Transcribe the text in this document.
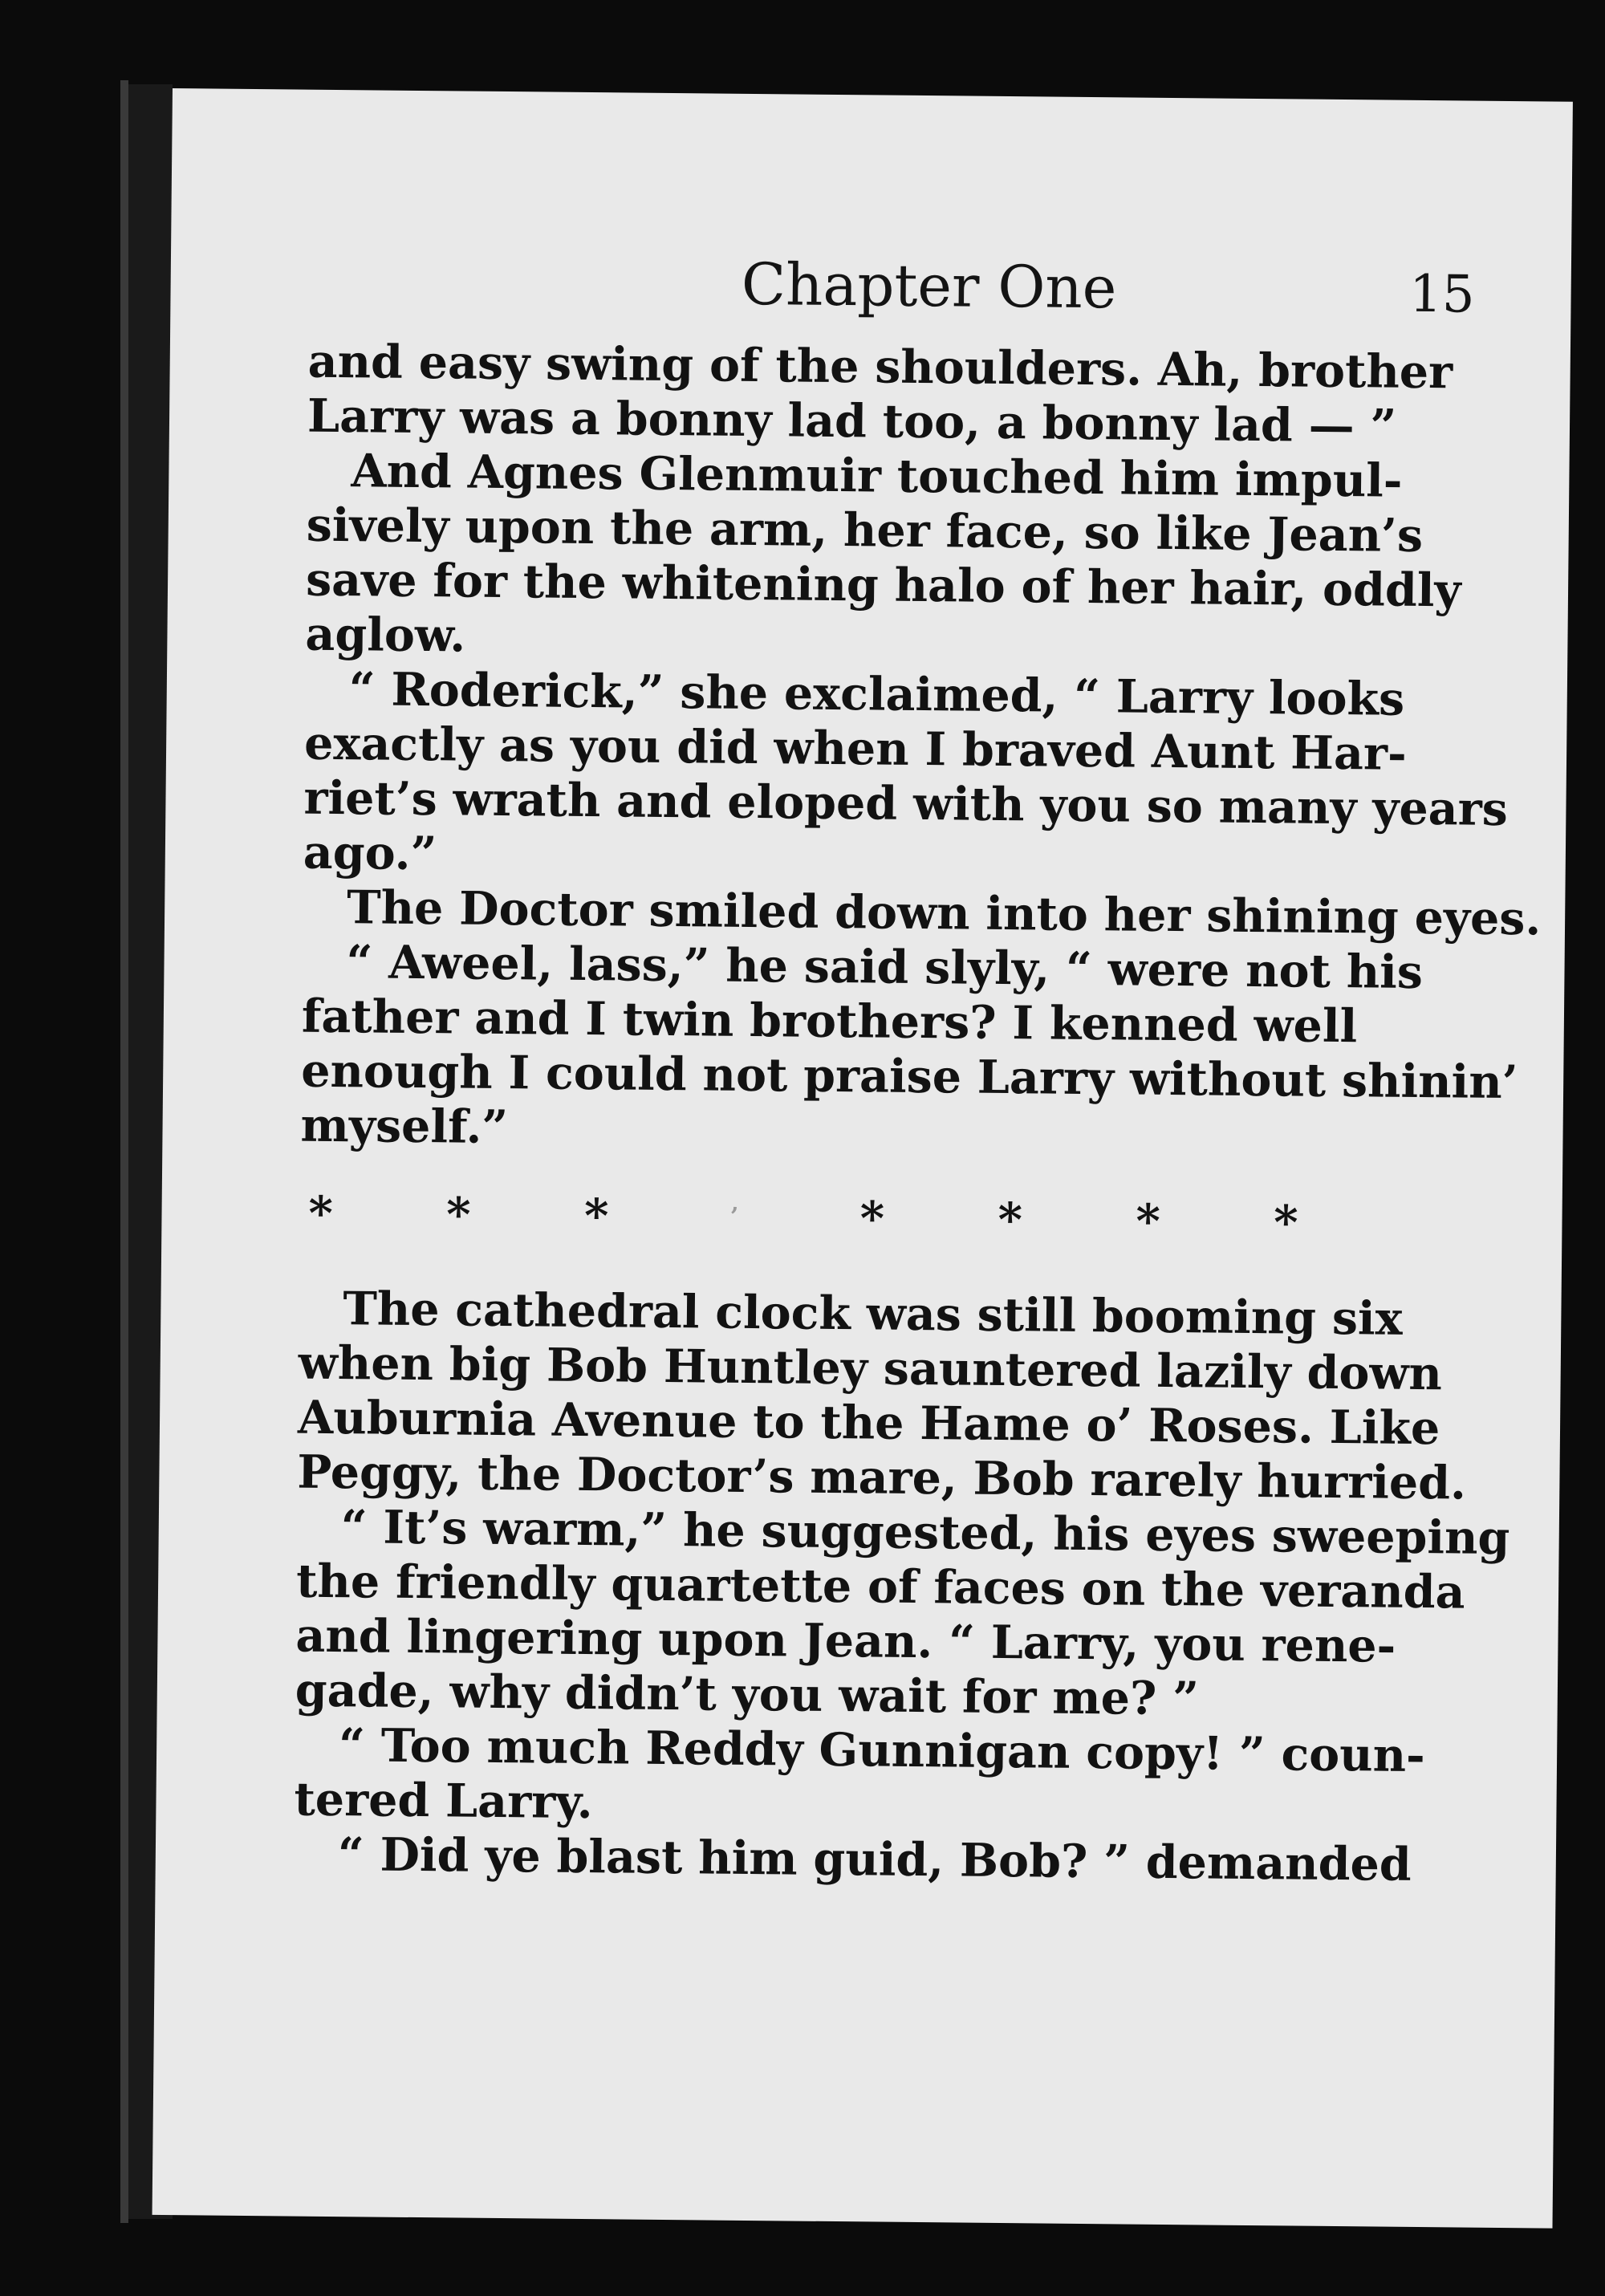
Chapter One	15
and easy swing of the shoulders. Ah, brother
Larry was a bonny lad too, a bonny lad — ”
And Agnes Glenmuir touched him impul-
sively upon the arm, her face, so like Jean’s
save for the whitening halo of her hair, oddly
aglow.
“ Roderick,” she exclaimed, “ Larry looks
exactly as you did when I braved Aunt Har-
riet’s wrath and eloped with you so many years
ago.”
The Doctor smiled down into her shining eyes.
“ Aweel, lass,” he said slyly, “ were not his
father and I twin brothers? I kenned well
enough I could not praise Larry without shinin’
myself.”
* * *	’	* * * *
The cathedral clock was still booming six
when big Bob Huntley sauntered lazily down
Auburnia Avenue to the Hame o’ Roses. Like
Peggy, the Doctor’s mare, Bob rarely hurried.
“ It’s warm,” he suggested, his eyes sweeping
the friendly quartette of faces on the veranda
and lingering upon Jean. “ Larry, you rene-
gade, why didn’t you wait for me? ”
“ Too much Reddy Gunnigan copy! ” coun-
tered Larry.
“ Did ye blast him guid, Bob? ” demanded
